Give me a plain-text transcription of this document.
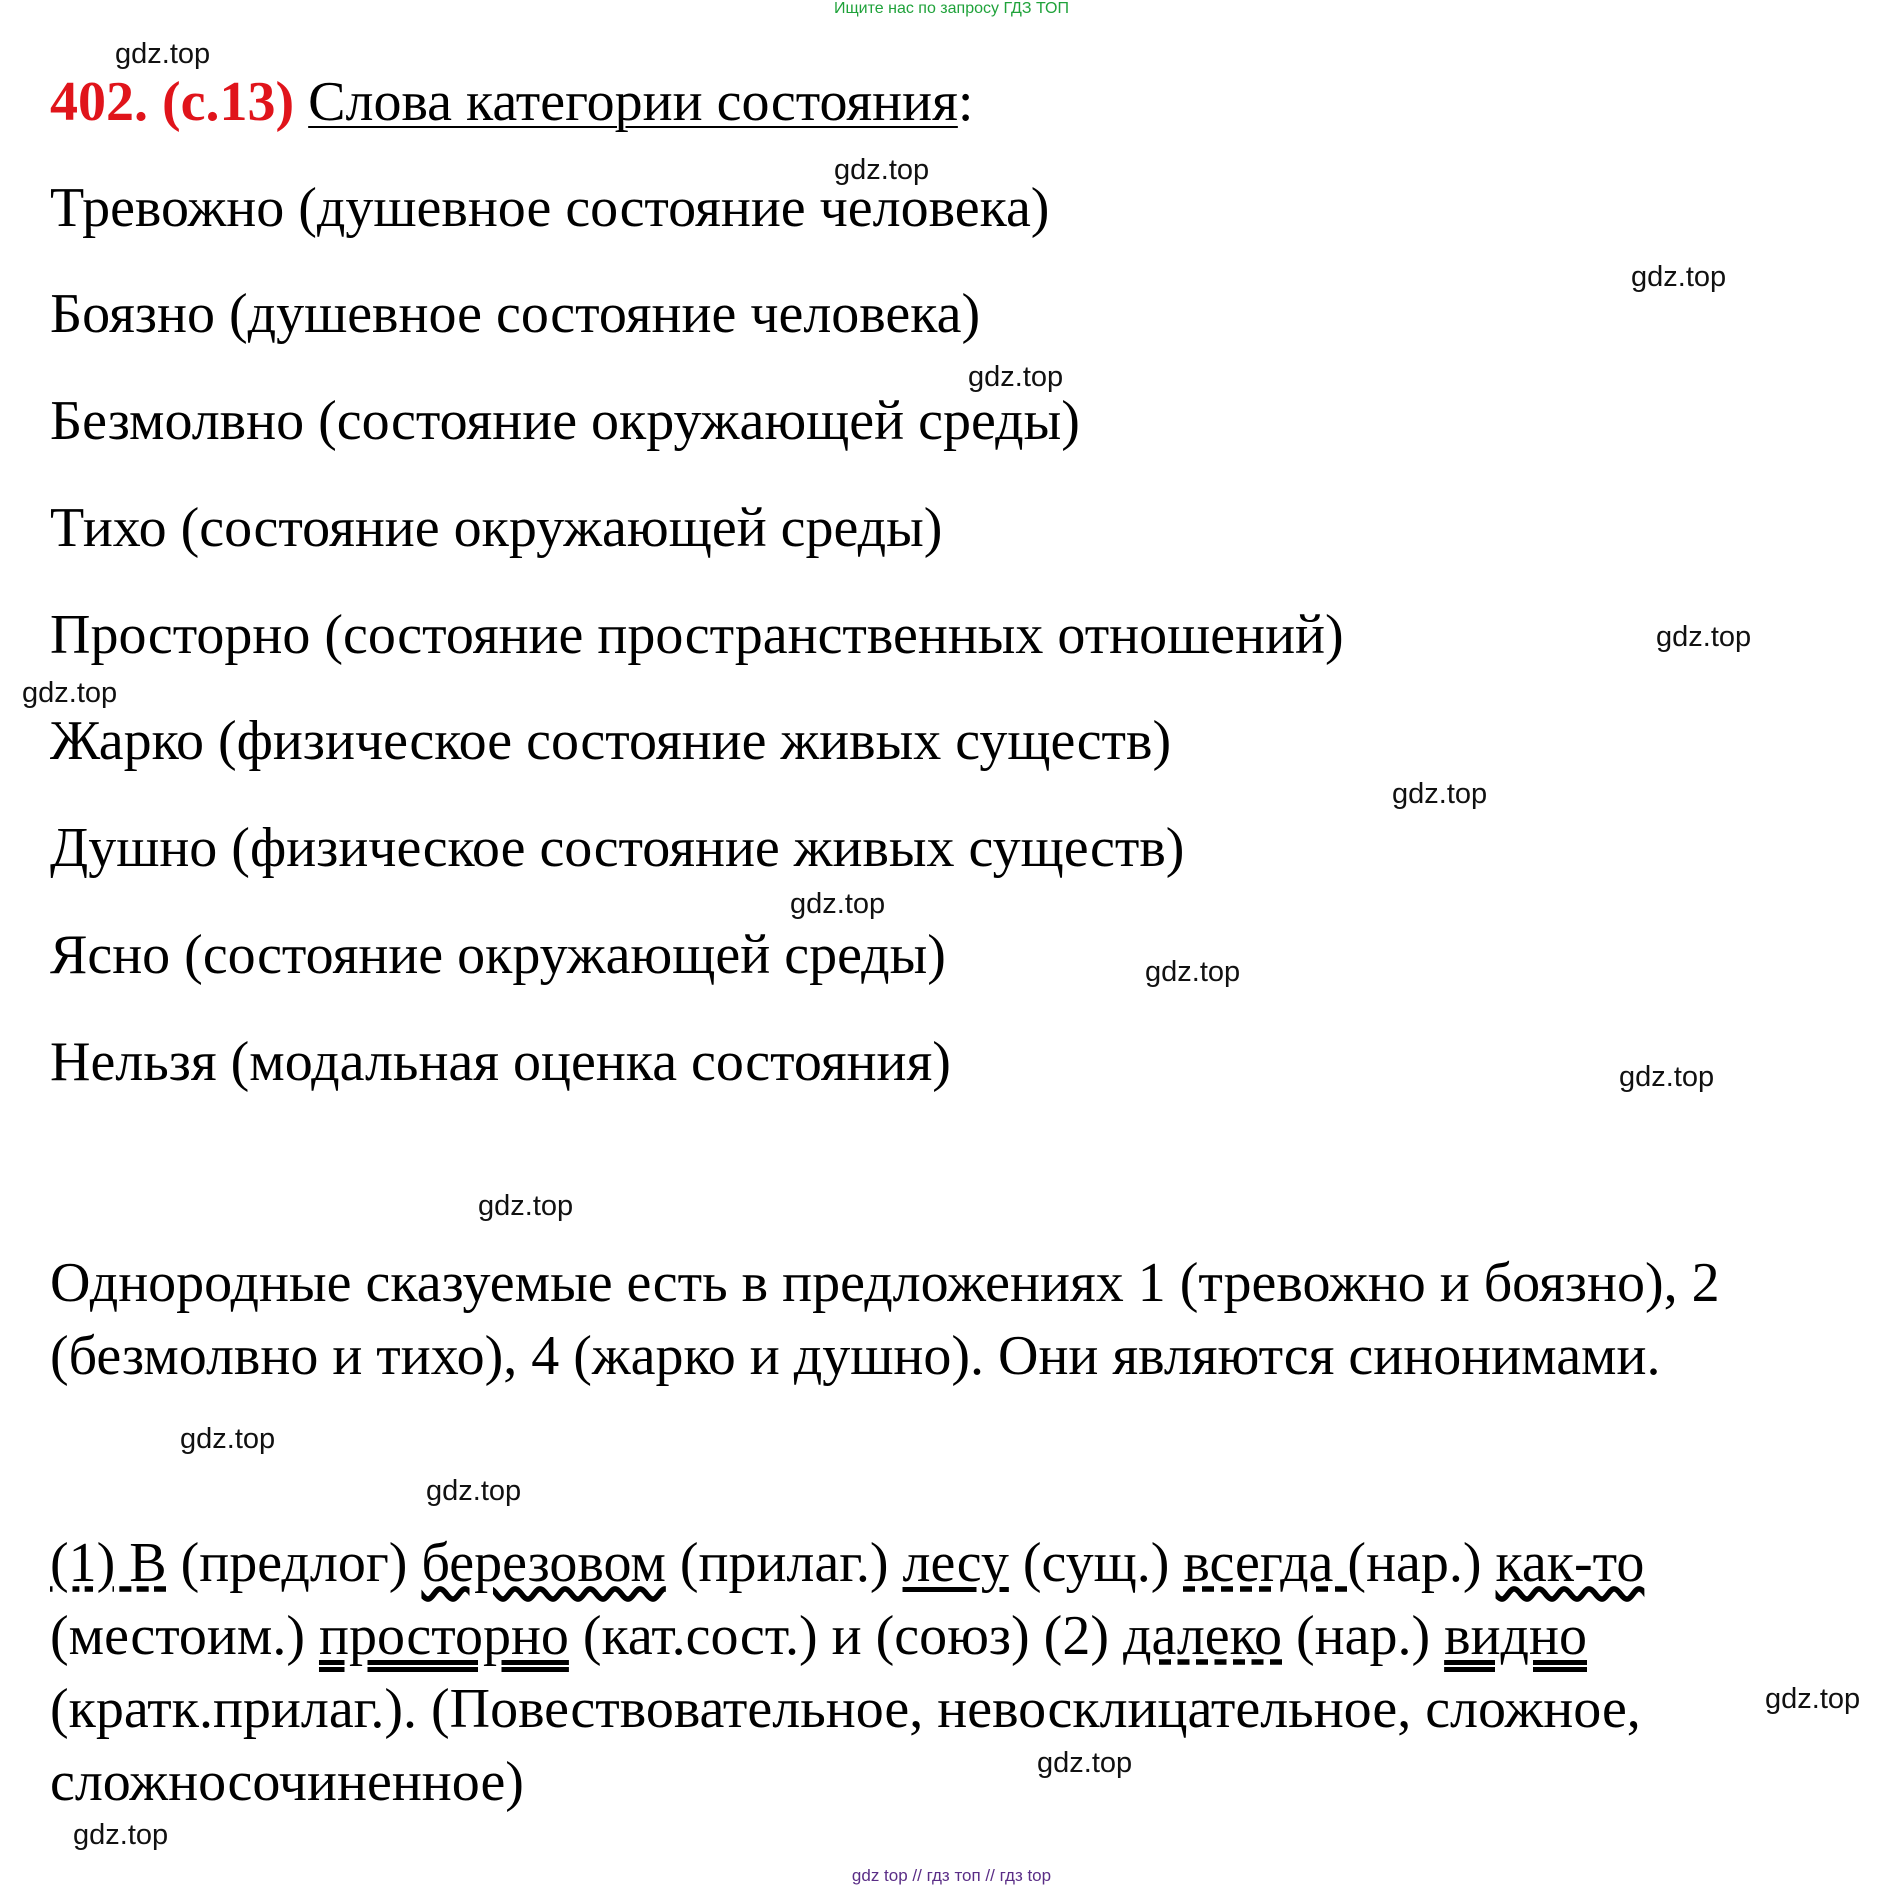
Ищите нас по запросу ГДЗ ТОП
402. (с.13) Слова категории состояния:
Тревожно (душевное состояние человека)
Боязно (душевное состояние человека)
Безмолвно (состояние окружающей среды)
Тихо (состояние окружающей среды)
Просторно (состояние пространственных отношений)
Жарко (физическое состояние живых существ)
Душно (физическое состояние живых существ)
Ясно (состояние окружающей среды)
Нельзя (модальная оценка состояния)
Однородные сказуемые есть в предложениях 1 (тревожно и боязно), 2 (безмолвно и тихо), 4 (жарко и душно). Они являются синонимами.
(1) В (предлог) березовом (прилаг.) лесу (сущ.) всегда (нар.) как-то (местоим.) просторно (кат.сост.) и (союз) (2) далеко (нар.) видно (кратк.прилаг.). (Повествовательное, невосклицательное, сложное, сложносочиненное)
gdz.top
gdz.top
gdz.top
gdz.top
gdz.top
gdz.top
gdz.top
gdz.top
gdz.top
gdz.top
gdz.top
gdz.top
gdz.top
gdz.top
gdz.top
gdz.top
gdz top // гдз топ // гдз top
